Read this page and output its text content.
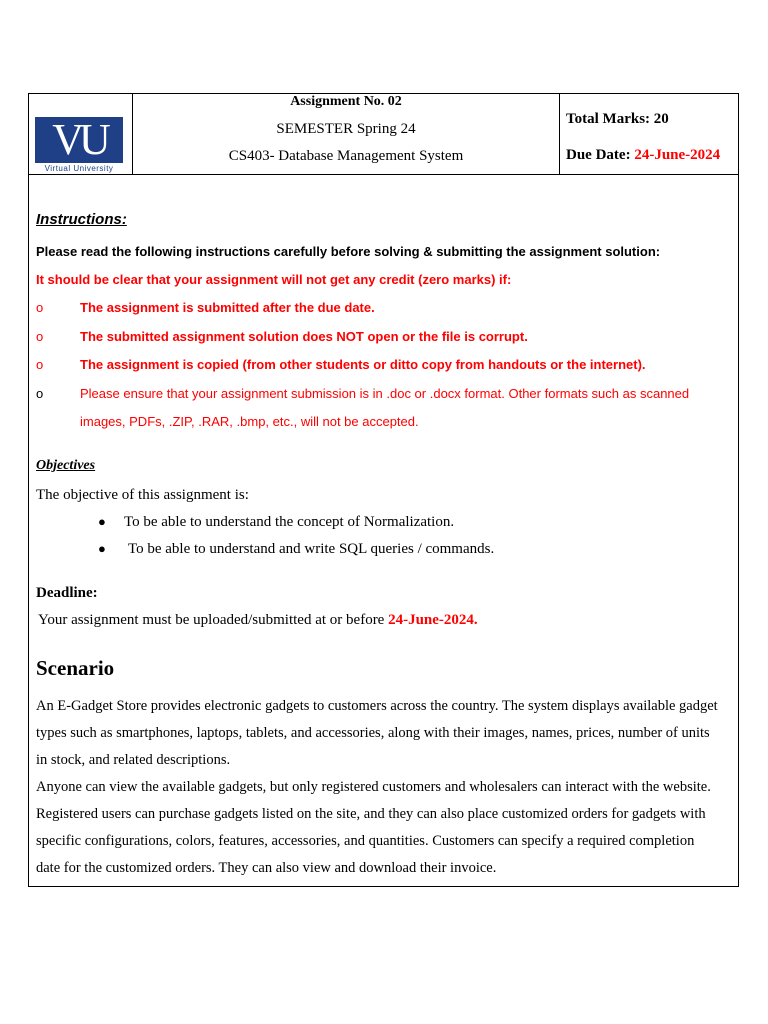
VU
Virtual University
Assignment No. 02
SEMESTER Spring 24
CS403- Database Management System
Total Marks: 20
Due Date: 24-June-2024
Instructions:
Please read the following instructions carefully before solving & submitting the assignment solution:
It should be clear that your assignment will not get any credit (zero marks) if:
o	The assignment is submitted after the due date.
o	The submitted assignment solution does NOT open or the file is corrupt.
o	The assignment is copied (from other students or ditto copy from handouts or the internet).
o	Please ensure that your assignment submission is in .doc or .docx format. Other formats such as scanned
images, PDFs, .ZIP, .RAR, .bmp, etc., will not be accepted.
Objectives
The objective of this assignment is:
● To be able to understand the concept of Normalization.
● To be able to understand and write SQL queries / commands.
Deadline:
Your assignment must be uploaded/submitted at or before 24-June-2024.
Scenario
An E-Gadget Store provides electronic gadgets to customers across the country. The system displays available gadget
types such as smartphones, laptops, tablets, and accessories, along with their images, names, prices, number of units
in stock, and related descriptions.
Anyone can view the available gadgets, but only registered customers and wholesalers can interact with the website.
Registered users can purchase gadgets listed on the site, and they can also place customized orders for gadgets with
specific configurations, colors, features, accessories, and quantities. Customers can specify a required completion
date for the customized orders. They can also view and download their invoice.
